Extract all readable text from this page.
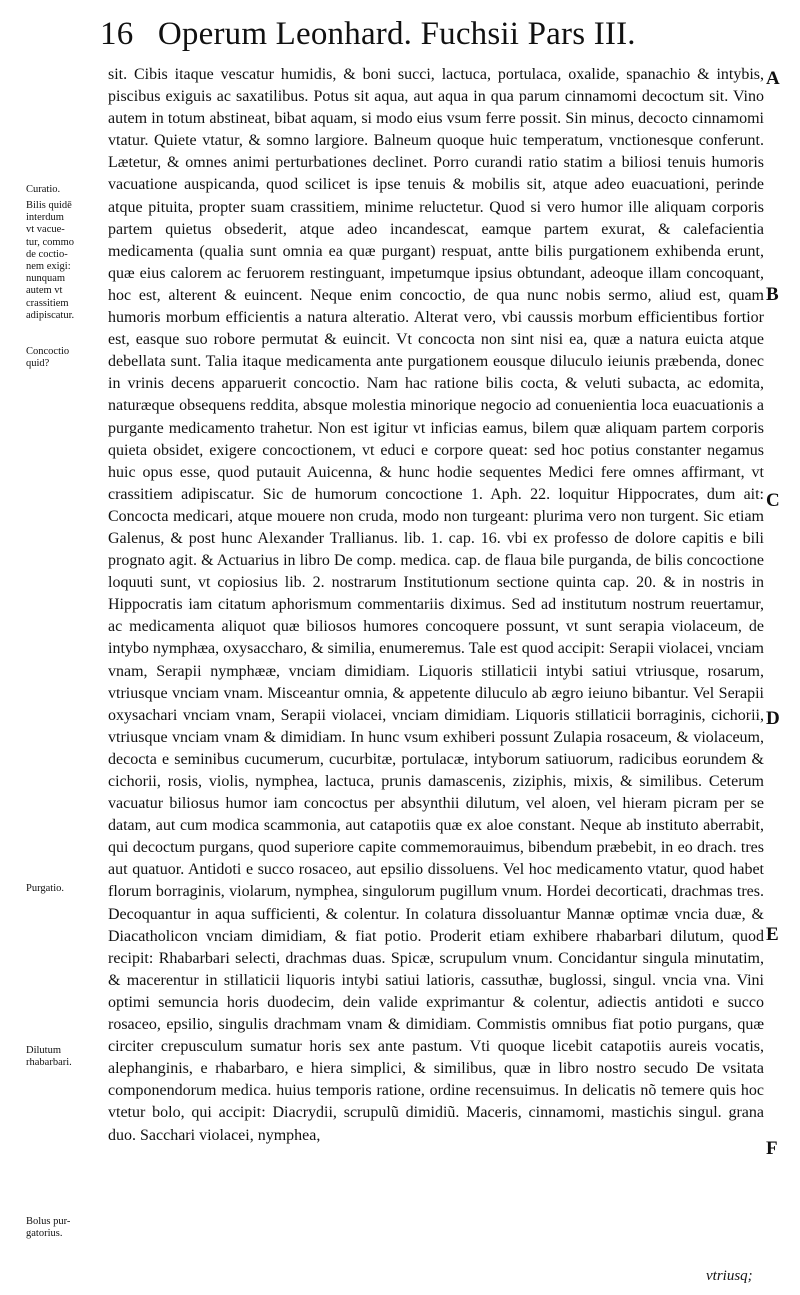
16 Operum Leonhard. Fuchsii Pars III.

sit. Cibis itaque vescatur humidis, & boni succi, lactuca, portulaca, oxalide, spanachio & intybis, piscibus exiguis ac saxatilibus. Potus sit aqua, aut aqua in qua parum cinnamomi decoctum sit. Vino autem in totum abstineat, bibat aquam, si modo eius vsum ferre possit. Sin minus, decocto cinnamomi vtatur. Quiete vtatur, & somno largiore. Balneum quoque huic temperatum, vnctionesque conferunt. Lætetur, & omnes animi perturbationes declinet. Porro curandi ratio statim a biliosi tenuis humoris vacuatione auspicanda, quod scilicet is ipse tenuis & mobilis sit, atque adeo euacuationi, perinde atque pituita, propter suam crassitiem, minime reluctetur. Quod si vero humor ille aliquam corporis partem quietus obsederit, atque adeo incandescat, eamque partem exurat, & calefacientia medicamenta (qualia sunt omnia ea quæ purgant) respuat, antte bilis purgationem exhibenda erunt, quæ eius calorem ac feruorem restinguant, impetumque ipsius obtundant, adeoque illam concoquant, hoc est, alterent & euincent. Neque enim concoctio, de qua nunc nobis sermo, aliud est, quam humoris morbum efficientis a natura alteratio. Alterat vero, vbi caussis morbum efficientibus fortior est, easque suo robore permutat & euincit. Vt concocta non sint nisi ea, quæ a natura euicta atque debellata sunt. Talia itaque medicamenta ante purgationem eousque diluculo ieiunis præbenda, donec in vrinis decens apparuerit concoctio. Nam hac ratione bilis cocta, & veluti subacta, ac edomita, naturæque obsequens reddita, absque molestia minorique negocio ad conuenientia loca euacuationis a purgante medicamento trahetur. Non est igitur vt inficias eamus, bilem quæ aliquam partem corporis quieta obsidet, exigere concoctionem, vt educi e corpore queat: sed hoc potius constanter negamus huic opus esse, quod putauit Auicenna, & hunc hodie sequentes Medici fere omnes affirmant, vt crassitiem adipiscatur. Sic de humorum concoctione 1. Aph. 22. loquitur Hippocrates, dum ait: Concocta medicari, atque mouere non cruda, modo non turgeant: plurima vero non turgent. Sic etiam Galenus, & post hunc Alexander Trallianus. lib. 1. cap. 16. vbi ex professo de dolore capitis e bili prognato agit. & Actuarius in libro De comp. medica. cap. de flaua bile purganda, de bilis concoctione loquuti sunt, vt copiosius lib. 2. nostrarum Institutionum sectione quinta cap. 20. & in nostris in Hippocratis iam citatum aphorismum commentariis diximus. Sed ad institutum nostrum reuertamur, ac medicamenta aliquot quæ biliosos humores concoquere possunt, vt sunt serapia violaceum, de intybo nymphæa, oxysaccharo, & similia, enumeremus. Tale est quod accipit: Serapii violacei, vnciam vnam, Serapii nymphææ, vnciam dimidiam. Liquoris stillaticii intybi satiui vtriusque, rosarum, vtriusque vnciam vnam. Misceantur omnia, & appetente diluculo ab ægro ieiuno bibantur. Vel Serapii oxysachari vnciam vnam, Serapii violacei, vnciam dimidiam. Liquoris stillaticii borraginis, cichorii, vtriusque vnciam vnam & dimidiam. In hunc vsum exhiberi possunt Zulapia rosaceum, & violaceum, decocta e seminibus cucumerum, cucurbitæ, portulacæ, intyborum satiuorum, radicibus eorundem & cichorii, rosis, violis, nymphea, lactuca, prunis damascenis, ziziphis, mixis, & similibus. Ceterum vacuatur biliosus humor iam concoctus per absynthii dilutum, vel aloen, vel hieram picram per se datam, aut cum modica scammonia, aut catapotiis quæ ex aloe constant. Neque ab instituto aberrabit, qui decoctum purgans, quod superiore capite commemorauimus, bibendum præbebit, in eo drach. tres aut quatuor. Antidoti e succo rosaceo, aut epsilio dissoluens. Vel hoc medicamento vtatur, quod habet florum borraginis, violarum, nymphea, singulorum pugillum vnum. Hordei decorticati, drachmas tres. Decoquantur in aqua sufficienti, & colentur. In colatura dissoluantur Mannæ optimæ vncia duæ, & Diacatholicon vnciam dimidiam, & fiat potio. Proderit etiam exhibere rhabarbari dilutum, quod recipit: Rhabarbari selecti, drachmas duas. Spicæ, scrupulum vnum. Concidantur singula minutatim, & macerentur in stillaticii liquoris intybi satiui latioris, cassuthæ, buglossi, singul. vncia vna. Vini optimi semuncia horis duodecim, dein valide exprimantur & colentur, adiectis antidoti e succo rosaceo, epsilio, singulis drachmam vnam & dimidiam. Commistis omnibus fiat potio purgans, quæ circiter crepusculum sumatur horis sex ante pastum. Vti quoque licebit catapotiis aureis vocatis, alephanginis, e rhabarbaro, e hiera simplici, & similibus, quæ in libro nostro secudo De vsitata componendorum medica. huius temporis ratione, ordine recensuimus. In delicatis nõ temere quis hoc vtetur bolo, qui accipit: Diacrydii, scrupulũ dimidiũ. Maceris, cinnamomi, mastichis singul. grana duo. Sacchari violacei, nymphea,

Curatio.
Bilis quidē
interdum
vt vacue-
tur, commo
de coctio-
nem exigi:
nunquam
autem vt
crassitiem
adipiscatur.
Concoctio
quid?
Purgatio.
Dilutum
rhabarbari.
Bolus pur-
gatorius.
A
B
C
D
E
F
vtriusq;
